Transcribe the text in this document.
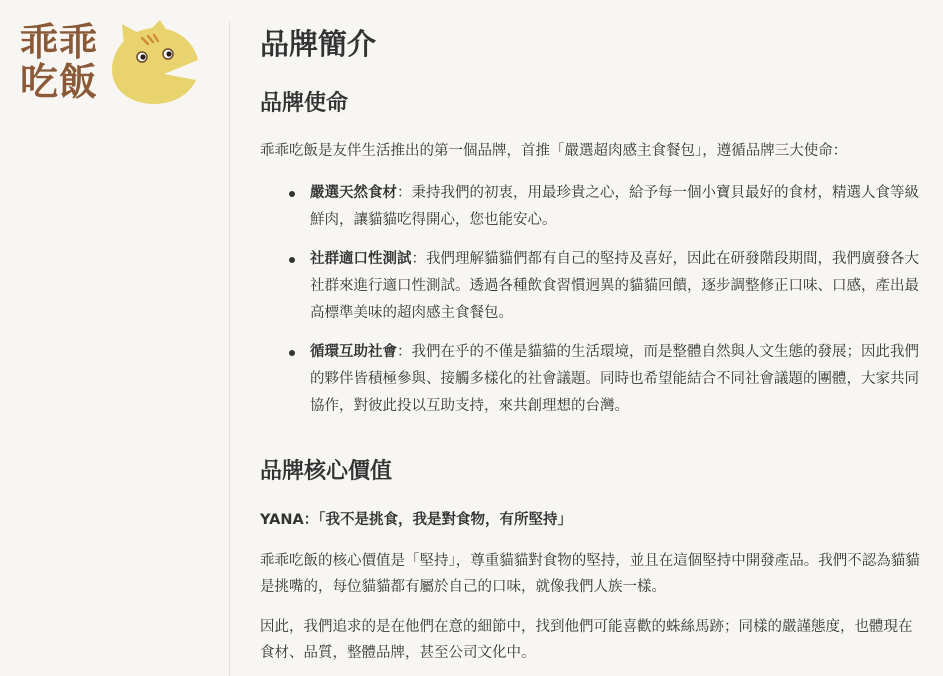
乖乖
吃飯
品牌簡介
品牌使命

乖乖吃飯是友伴生活推出的第一個品牌，首推「嚴選超肉感主食餐包」，遵循品牌三大使命：

嚴選天然食材：秉持我們的初衷，用最珍貴之心，給予每一個小寶貝最好的食材，精選人食等級鮮肉，讓貓貓吃得開心，您也能安心。
社群適口性測試：我們理解貓貓們都有自己的堅持及喜好，因此在研發階段期間，我們廣發各大社群來進行適口性測試。透過各種飲食習慣迥異的貓貓回饋，逐步調整修正口味、口感，產出最高標準美味的超肉感主食餐包。
循環互助社會：我們在乎的不僅是貓貓的生活環境，而是整體自然與人文生態的發展；因此我們的夥伴皆積極參與、接觸多樣化的社會議題。同時也希望能結合不同社會議題的團體，大家共同協作，對彼此投以互助支持，來共創理想的台灣。
品牌核心價值

YANA：「我不是挑食，我是對食物，有所堅持」

乖乖吃飯的核心價值是「堅持」，尊重貓貓對食物的堅持，並且在這個堅持中開發產品。我們不認為貓貓是挑嘴的，每位貓貓都有屬於自己的口味，就像我們人族一樣。

因此，我們追求的是在他們在意的細節中，找到他們可能喜歡的蛛絲馬跡；同樣的嚴謹態度，也體現在食材、品質，整體品牌，甚至公司文化中。
